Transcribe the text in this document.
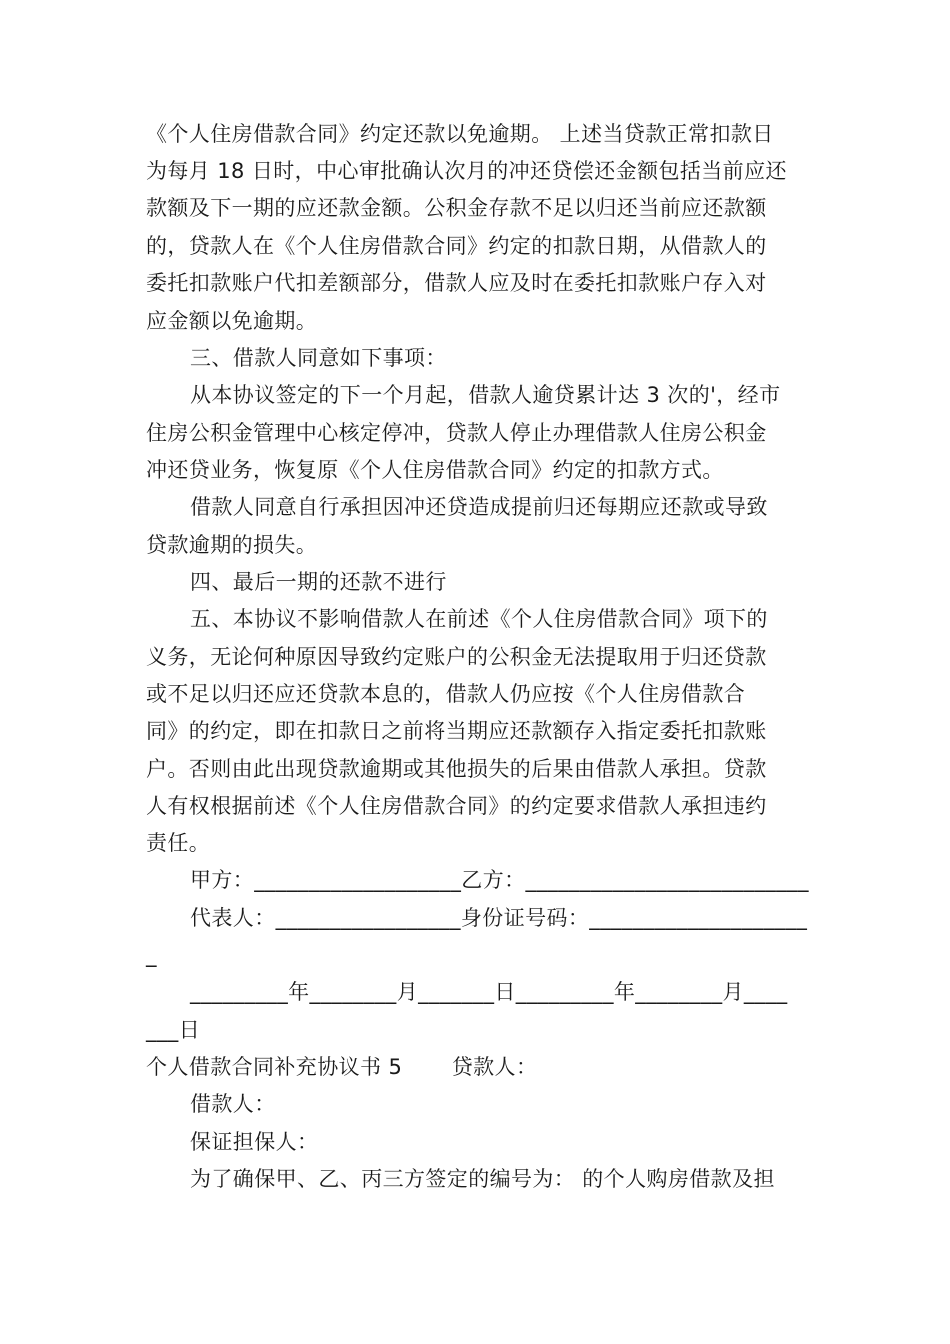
《个人住房借款合同》约定还款以免逾期。 上述当贷款正常扣款日
为每月 18 日时，中心审批确认次月的冲还贷偿还金额包括当前应还
款额及下一期的应还款金额。公积金存款不足以归还当前应还款额
的，贷款人在《个人住房借款合同》约定的扣款日期，从借款人的
委托扣款账户代扣差额部分，借款人应及时在委托扣款账户存入对
应金额以免逾期。
三、借款人同意如下事项：
从本协议签定的下一个月起，借款人逾贷累计达 3 次的'，经市
住房公积金管理中心核定停冲，贷款人停止办理借款人住房公积金
冲还贷业务，恢复原《个人住房借款合同》约定的扣款方式。
借款人同意自行承担因冲还贷造成提前归还每期应还款或导致
贷款逾期的损失。
四、最后一期的还款不进行
五、本协议不影响借款人在前述《个人住房借款合同》项下的
义务，无论何种原因导致约定账户的公积金无法提取用于归还贷款
或不足以归还应还贷款本息的，借款人仍应按《个人住房借款合
同》的约定，即在扣款日之前将当期应还款额存入指定委托扣款账
户。否则由此出现贷款逾期或其他损失的后果由借款人承担。贷款
人有权根据前述《个人住房借款合同》的约定要求借款人承担违约
责任。
甲方：___________________乙方：__________________________
代表人：_________________身份证号码：____________________
_
_________年________月_______日_________年________月____
___日
个人借款合同补充协议书 5       贷款人：
借款人：
保证担保人：
为了确保甲、乙、丙三方签定的编号为： 的个人购房借款及担
